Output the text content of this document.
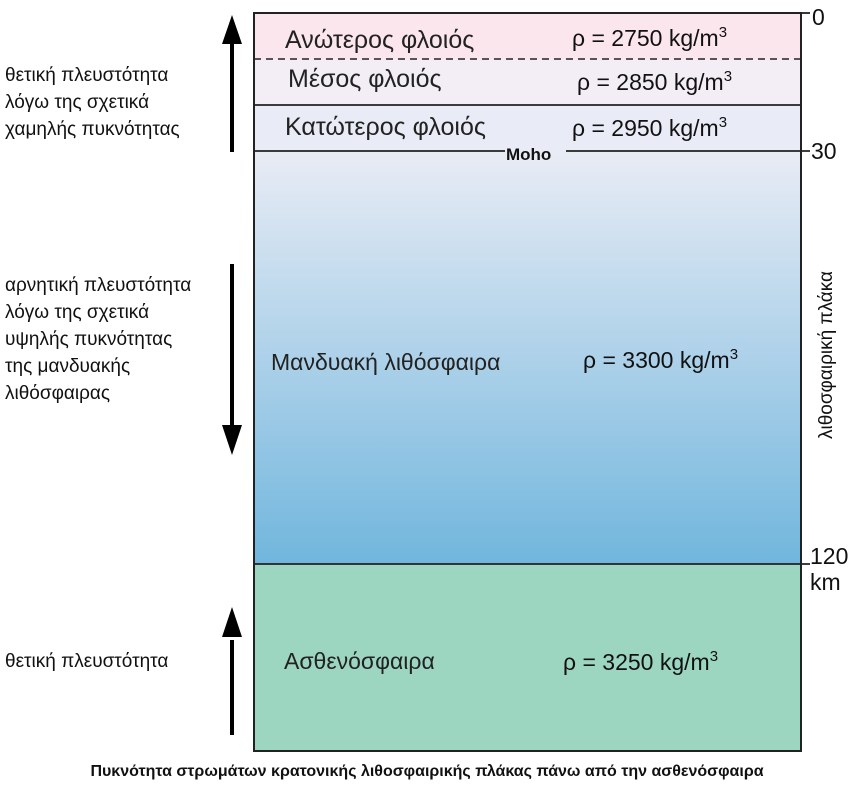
Ανώτερος φλοιός	ρ = 2750 $kg/m^3$
Μέσος φλοιός	ρ = 2850 $kg/m^3$
Κατώτερος φλοιός	ρ = 2950 $kg/m^3$
Moho
Μανδυακή λιθόσφαιρα	ρ = 3300 $kg/m^3$
Ασθενόσφαιρα	ρ = 3250 $kg/m^3$
0
30
120
km
λιθοσφαιρική πλάκα
θετική πλευστότητα
λόγω της σχετικά
χαμηλής πυκνότητας
αρνητική πλευστότητα
λόγω της σχετικά
υψηλής πυκνότητας
της μανδυακής
λιθόσφαιρας
θετική πλευστότητα
Πυκνότητα στρωμάτων κρατονικής λιθοσφαιρικής πλάκας πάνω από την ασθενόσφαιρα
